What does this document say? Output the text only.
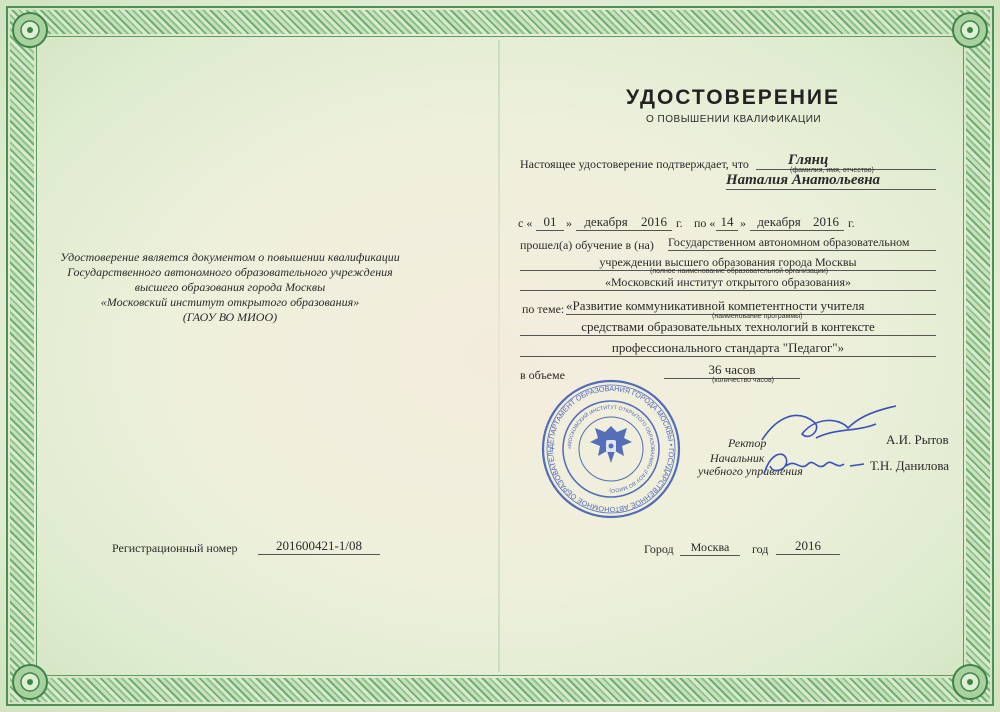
Удостоверение является документом о повышении квалификации
Государственного автономного образовательного учреждения
высшего образования города Москвы
«Московский институт открытого образования»
(ГАОУ ВО МИОО)
Регистрационный номер	201600421-1/08
УДОСТОВЕРЕНИЕ
О ПОВЫШЕНИИ КВАЛИФИКАЦИИ
Настоящее удостоверение подтверждает, что	Глянц
(фамилия, имя, отчество)
Наталия Анатольевна
с « 01 » декабря	2016 г. по « 14 » декабря 2016 г.
прошел(а) обучение в (на) Государственном автономном образовательном
учреждении высшего образования города Москвы
(полное наименование образовательной организации)
«Московский институт открытого образования»
по теме: «Развитие коммуникативной компетентности учителя
(наименование программы)
средствами образовательных технологий в контексте
профессионального стандарта "Педагог"»
в объеме	36 часов
(количество часов)
ДЕПАРТАМЕНТ ОБРАЗОВАНИЯ ГОРОДА МОСКВЫ • ГОСУДАРСТВЕННОЕ АВТОНОМНОЕ ОБРАЗОВАТЕЛЬ	«МОСКОВСКИЙ ИНСТИТУТ ОТКРЫТОГО ОБРАЗОВАНИЯ» (ГАОУ ВО МИОО)
Ректор	А.И. Рытов
Начальник
учебного управления	Т.Н. Данилова
Город	Москва	год	2016
